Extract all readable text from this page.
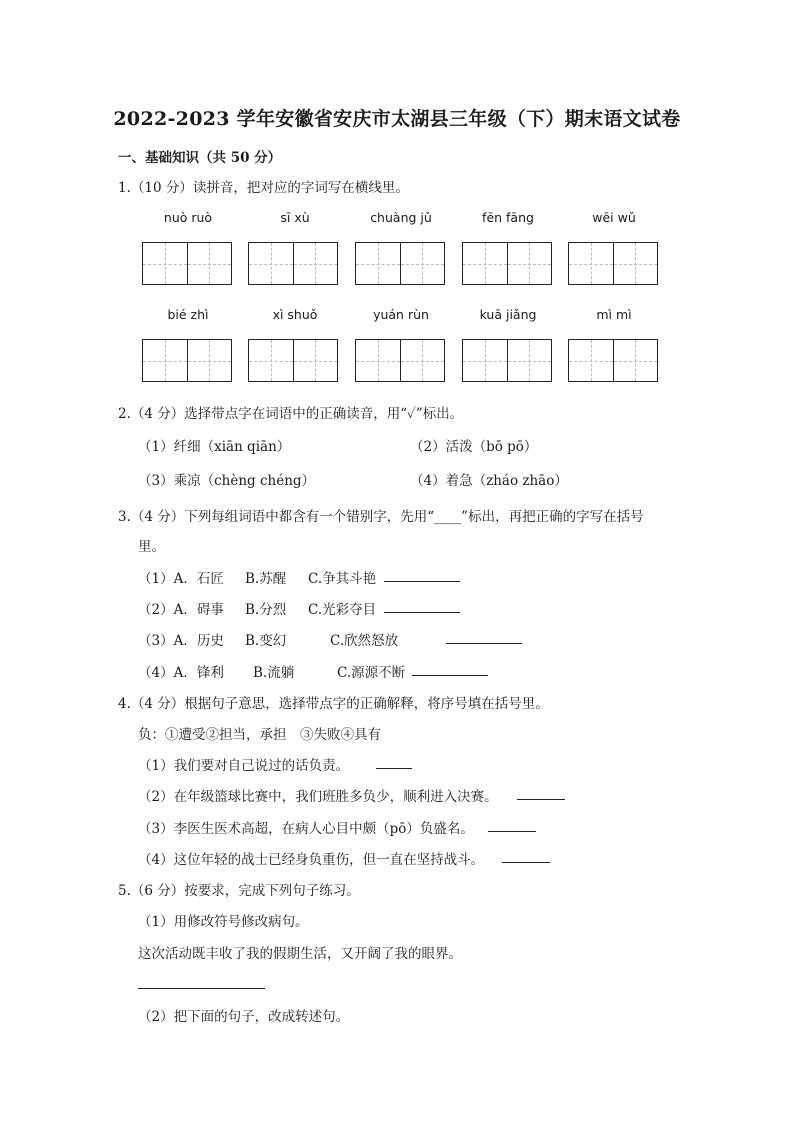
2022-2023 学年安徽省安庆市太湖县三年级（下）期末语文试卷
一、基础知识（共 50 分）
1.（10 分）读拼音，把对应的字词写在横线里。
nuò ruò	sī xù	chuàng jǔ	fēn fāng	wēi wǔ
bié zhì	xì shuǒ	yuán rùn	kuā jiǎng	mì mì
2.（4 分）选择带点字在词语中的正确读音，用“✓”标出。
（1）纤细（xiān qiān）	（2）活泼（bō pō）
（3）乘凉（chèng chéng）	（4）着急（zháo zhāo）
3.（4 分）下列每组词语中都含有一个错别字，先用“____”标出，再把正确的字写在括号
里。
（1）A．石匠 B.苏醒 C.争其斗艳
（2）A．碍事 B.分烈 C.光彩夺目
（3）A．历史 B.变幻	C.欣然怒放
（4）A．锋利 B.流躺	C.源源不断
4.（4 分）根据句子意思，选择带点字的正确解释，将序号填在括号里。
负：①遭受②担当，承担　③失败④具有
（1）我们要对自己说过的话负责。
（2）在年级篮球比赛中，我们班胜多负少，顺利进入决赛。
（3）李医生医术高超，在病人心目中颇（pō）负盛名。
（4）这位年轻的战士已经身负重伤，但一直在坚持战斗。
5.（6 分）按要求，完成下列句子练习。
（1）用修改符号修改病句。
这次活动既丰收了我的假期生活，又开阔了我的眼界。
（2）把下面的句子，改成转述句。
